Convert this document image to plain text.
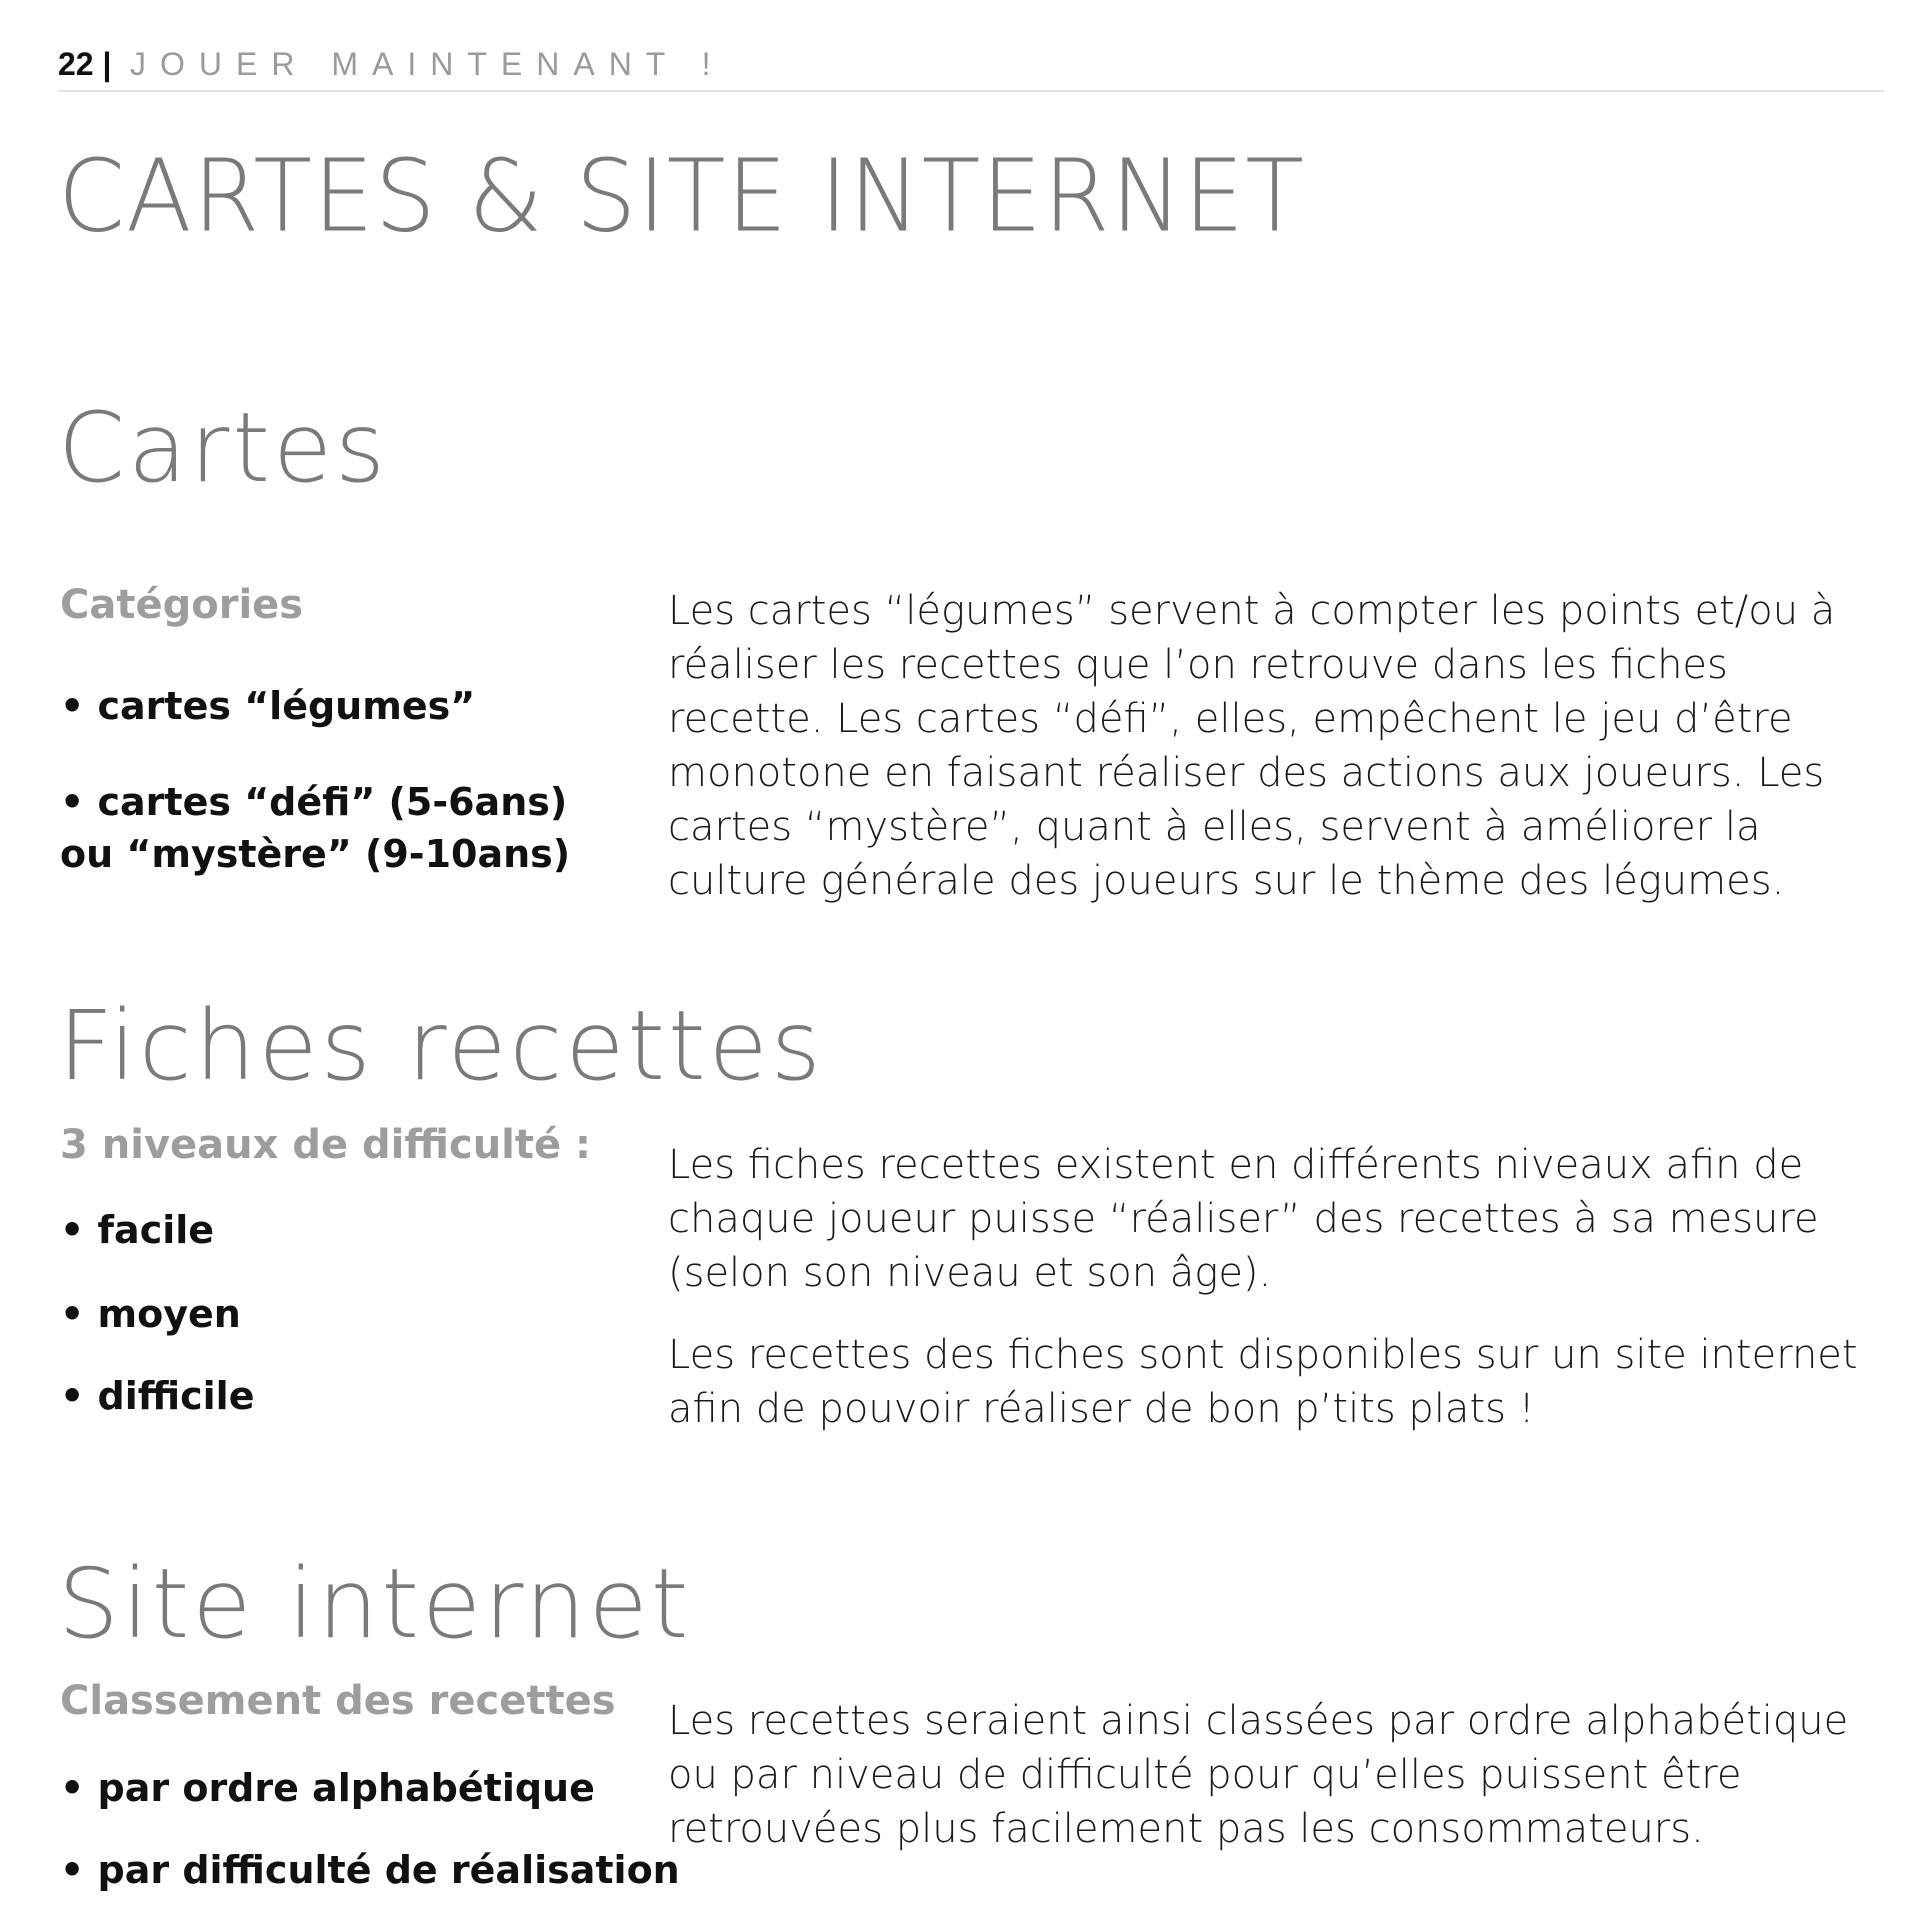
22 | JOUER MAINTENANT !
CARTES & SITE INTERNET
Cartes
Catégories
• cartes “légumes”
• cartes “défi” (5-6ans) ou “mystère” (9-10ans)
Les cartes “légumes” servent à compter les points et/ou à réaliser les recettes que l’on retrouve dans les fiches recette. Les cartes “défi”, elles, empêchent le jeu d’être monotone en faisant réaliser des actions aux joueurs. Les cartes “mystère”, quant à elles, servent à améliorer la culture générale des joueurs sur le thème des légumes.
Fiches recettes
3 niveaux de difficulté :
• facile
• moyen
• difficile
Les fiches recettes existent en différents niveaux afin de chaque joueur puisse “réaliser” des recettes à sa mesure (selon son niveau et son âge).
Les recettes des fiches sont disponibles sur un site internet afin de pouvoir réaliser de bon p’tits plats !
Site internet
Classement des recettes
• par ordre alphabétique
• par difficulté de réalisation
Les recettes seraient ainsi classées par ordre alphabétique ou par niveau de difficulté pour qu’elles puissent être retrouvées plus facilement pas les consommateurs.
